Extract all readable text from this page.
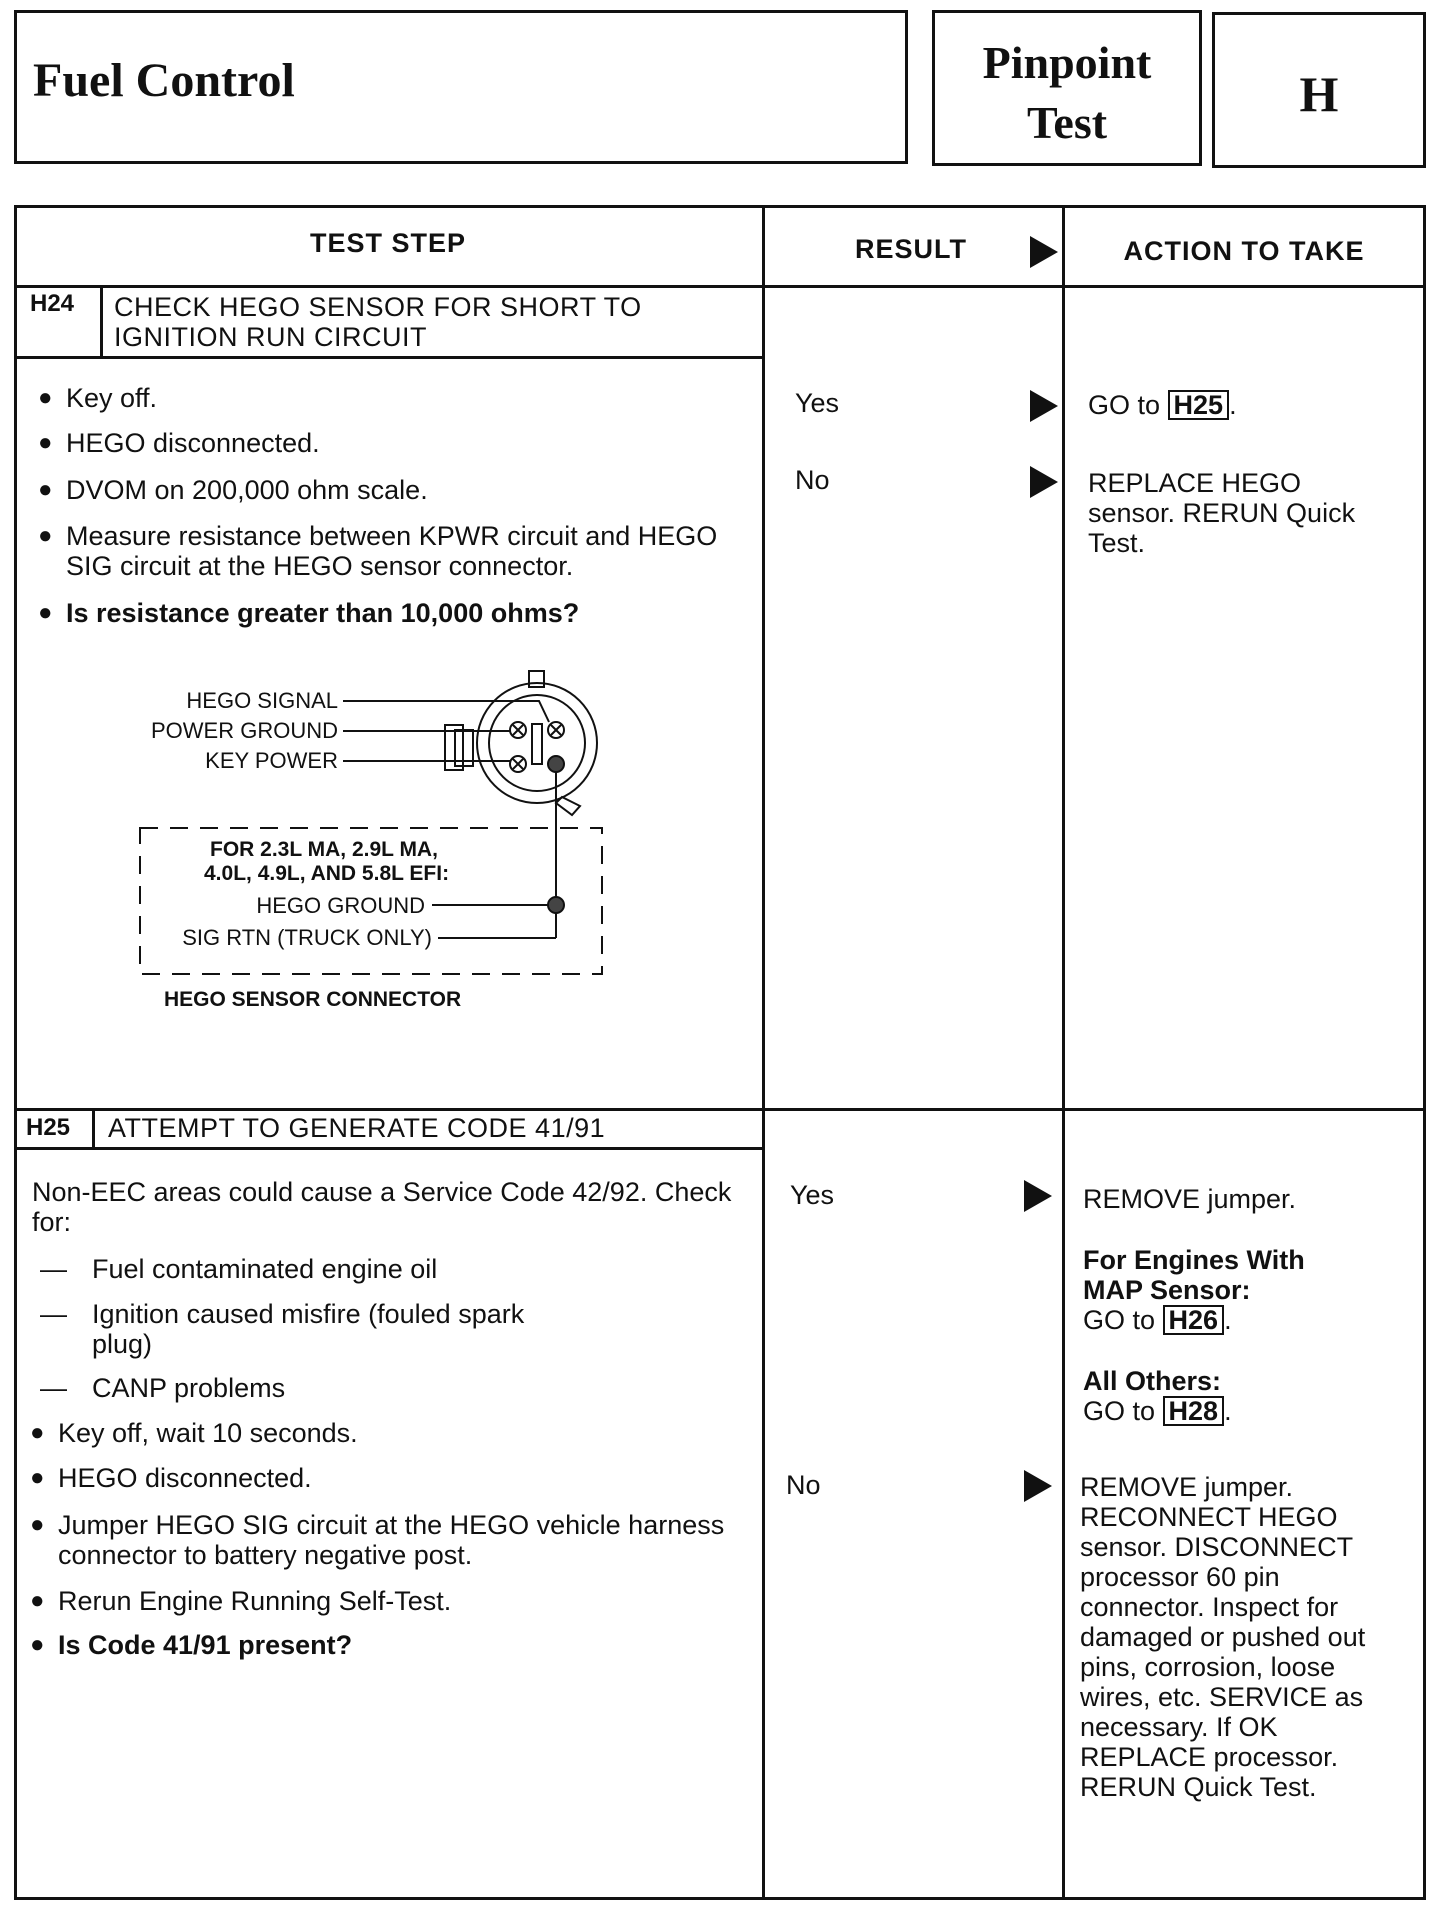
Fuel Control	Pinpoint
Test
H
TEST STEP	RESULT	ACTION TO TAKE
H24 CHECK HEGO SENSOR FOR SHORT TO IGNITION RUN CIRCUIT
● Key off.
● HEGO disconnected.
● DVOM on 200,000 ohm scale.
● Measure resistance between KPWR circuit and HEGO SIG circuit at the HEGO sensor connector.
● Is resistance greater than 10,000 ohms?
HEGO SIGNAL
POWER GROUND
KEY POWER
FOR 2.3L MA, 2.9L MA,
4.0L, 4.9L, AND 5.8L EFI:
HEGO GROUND
SIG RTN (TRUCK ONLY)
HEGO SENSOR CONNECTOR
Yes	GO to H25 .
No	REPLACE HEGO sensor. RERUN Quick Test.
H25 ATTEMPT TO GENERATE CODE 41/91
Non-EEC areas could cause a Service Code 42/92. Check for:
— Fuel contaminated engine oil
— Ignition caused misfire (fouled spark plug)
— CANP problems
● Key off, wait 10 seconds.
● HEGO disconnected.
● Jumper HEGO SIG circuit at the HEGO vehicle harness connector to battery negative post.
● Rerun Engine Running Self-Test.
● Is Code 41/91 present?
Yes	REMOVE jumper.
For Engines With MAP Sensor:
GO to H26 .
All Others:
GO to H28 .
No	REMOVE jumper. RECONNECT HEGO sensor. DISCONNECT processor 60 pin connector. Inspect for damaged or pushed out pins, corrosion, loose wires, etc. SERVICE as necessary. If OK REPLACE processor. RERUN Quick Test.
